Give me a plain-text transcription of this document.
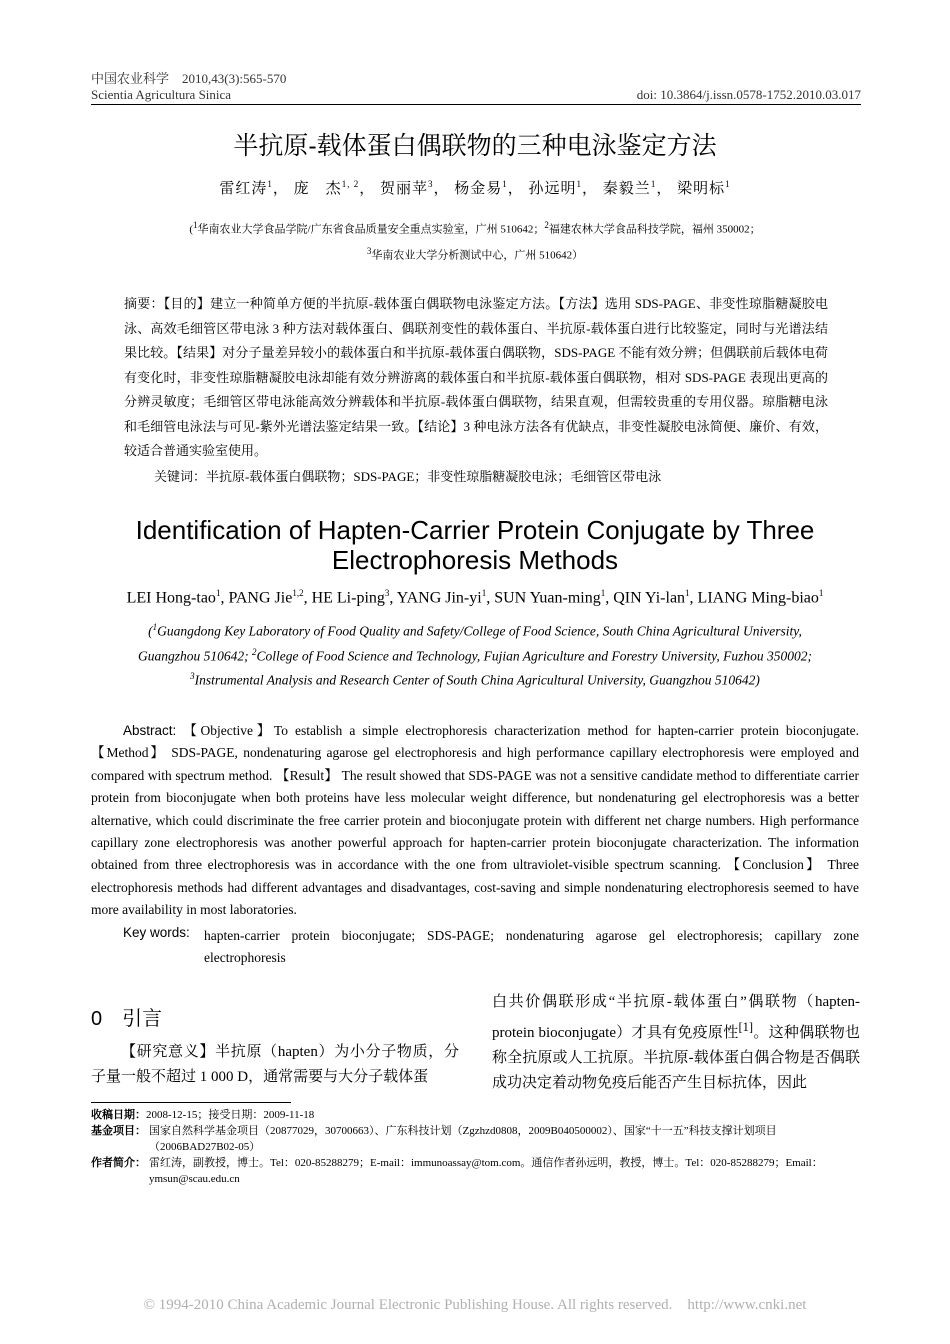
中国农业科学　2010,43(3):565-570
Scientia Agricultura Sinica	doi: 10.3864/j.issn.0578-1752.2010.03.017
半抗原-载体蛋白偶联物的三种电泳鉴定方法
雷红涛$^1$， 庞　杰$^{1, 2}$， 贺丽苹$^3$， 杨金易$^1$， 孙远明$^1$， 秦毅兰$^1$， 梁明标$^1$
($^1$华南农业大学食品学院/广东省食品质量安全重点实验室，广州 510642；$^2$福建农林大学食品科技学院，福州 350002；
$^3$华南农业大学分析测试中心，广州 510642）
摘要：【目的】建立一种简单方便的半抗原-载体蛋白偶联物电泳鉴定方法。【方法】选用 SDS-PAGE、非变性琼脂糖凝胶电泳、高效毛细管区带电泳 3 种方法对载体蛋白、偶联剂变性的载体蛋白、半抗原-载体蛋白进行比较鉴定，同时与光谱法结果比较。【结果】对分子量差异较小的载体蛋白和半抗原-载体蛋白偶联物，SDS-PAGE 不能有效分辨；但偶联前后载体电荷有变化时，非变性琼脂糖凝胶电泳却能有效分辨游离的载体蛋白和半抗原-载体蛋白偶联物，相对 SDS-PAGE 表现出更高的分辨灵敏度；毛细管区带电泳能高效分辨载体和半抗原-载体蛋白偶联物，结果直观，但需较贵重的专用仪器。琼脂糖电泳和毛细管电泳法与可见-紫外光谱法鉴定结果一致。【结论】3 种电泳方法各有优缺点，非变性凝胶电泳简便、廉价、有效，较适合普通实验室使用。
关键词：半抗原-载体蛋白偶联物；SDS-PAGE；非变性琼脂糖凝胶电泳；毛细管区带电泳
Identification of Hapten-Carrier Protein Conjugate by Three
Electrophoresis Methods
LEI Hong-tao$^1$, PANG Jie$^{1,2}$, HE Li-ping$^3$, YANG Jin-$yi^1$, SUN Yuan-ming$^1$, QIN Yi-lan$^1$, LIANG Ming-biao$^1$
($^1$Guangdong Key Laboratory of Food Quality and Safety/College of Food Science, South China Agricultural University,
Guangzhou 510642; $^2$College of Food Science and Technology, Fujian Agriculture and Forestry University, Fuzhou 350002;
$^3$Instrumental Analysis and Research Center of South China Agricultural University, Guangzhou 510642)
Abstract: 【Objective】To establish a simple electrophoresis characterization method for hapten-carrier protein bioconjugate. 【Method】 SDS-PAGE, nondenaturing agarose gel electrophoresis and high performance capillary electrophoresis were employed and compared with spectrum method. 【Result】 The result showed that SDS-PAGE was not a sensitive candidate method to differentiate carrier protein from bioconjugate when both proteins have less molecular weight difference, but nondenaturing gel electrophoresis was a better alternative, which could discriminate the free carrier protein and bioconjugate protein with different net charge numbers. High performance capillary zone electrophoresis was another powerful approach for hapten-carrier protein bioconjugate characterization. The information obtained from three electrophoresis was in accordance with the one from ultraviolet-visible spectrum scanning. 【Conclusion】 Three electrophoresis methods had different advantages and disadvantages, cost-saving and simple nondenaturing electrophoresis seemed to have more availability in most laboratories.
Key words: hapten-carrier protein bioconjugate; SDS-PAGE; nondenaturing agarose gel electrophoresis; capillary zone electrophoresis
0　引言
【研究意义】半抗原（hapten）为小分子物质，分子量一般不超过 1 000 D，通常需要与大分子载体蛋
白共价偶联形成“半抗原-载体蛋白”偶联物（hapten-protein bioconjugate）才具有免疫原性[1]。这种偶联物也称全抗原或人工抗原。半抗原-载体蛋白偶合物是否偶联成功决定着动物免疫后能否产生目标抗体，因此
收稿日期：2008-12-15；接受日期：2009-11-18
基金项目： 国家自然科学基金项目（20877029，30700663）、广东科技计划（Zgzhzd0808，2009B040500002）、国家“十一五”科技支撑计划项目（2006BAD27B02-05）
作者简介： 雷红涛，副教授，博士。Tel：020-85288279；E-mail：immunoassay@tom.com。通信作者孙远明，教授，博士。Tel：020-85288279；Email：ymsun@scau.edu.cn
© 1994-2010 China Academic Journal Electronic Publishing House. All rights reserved.    http://www.cnki.net
